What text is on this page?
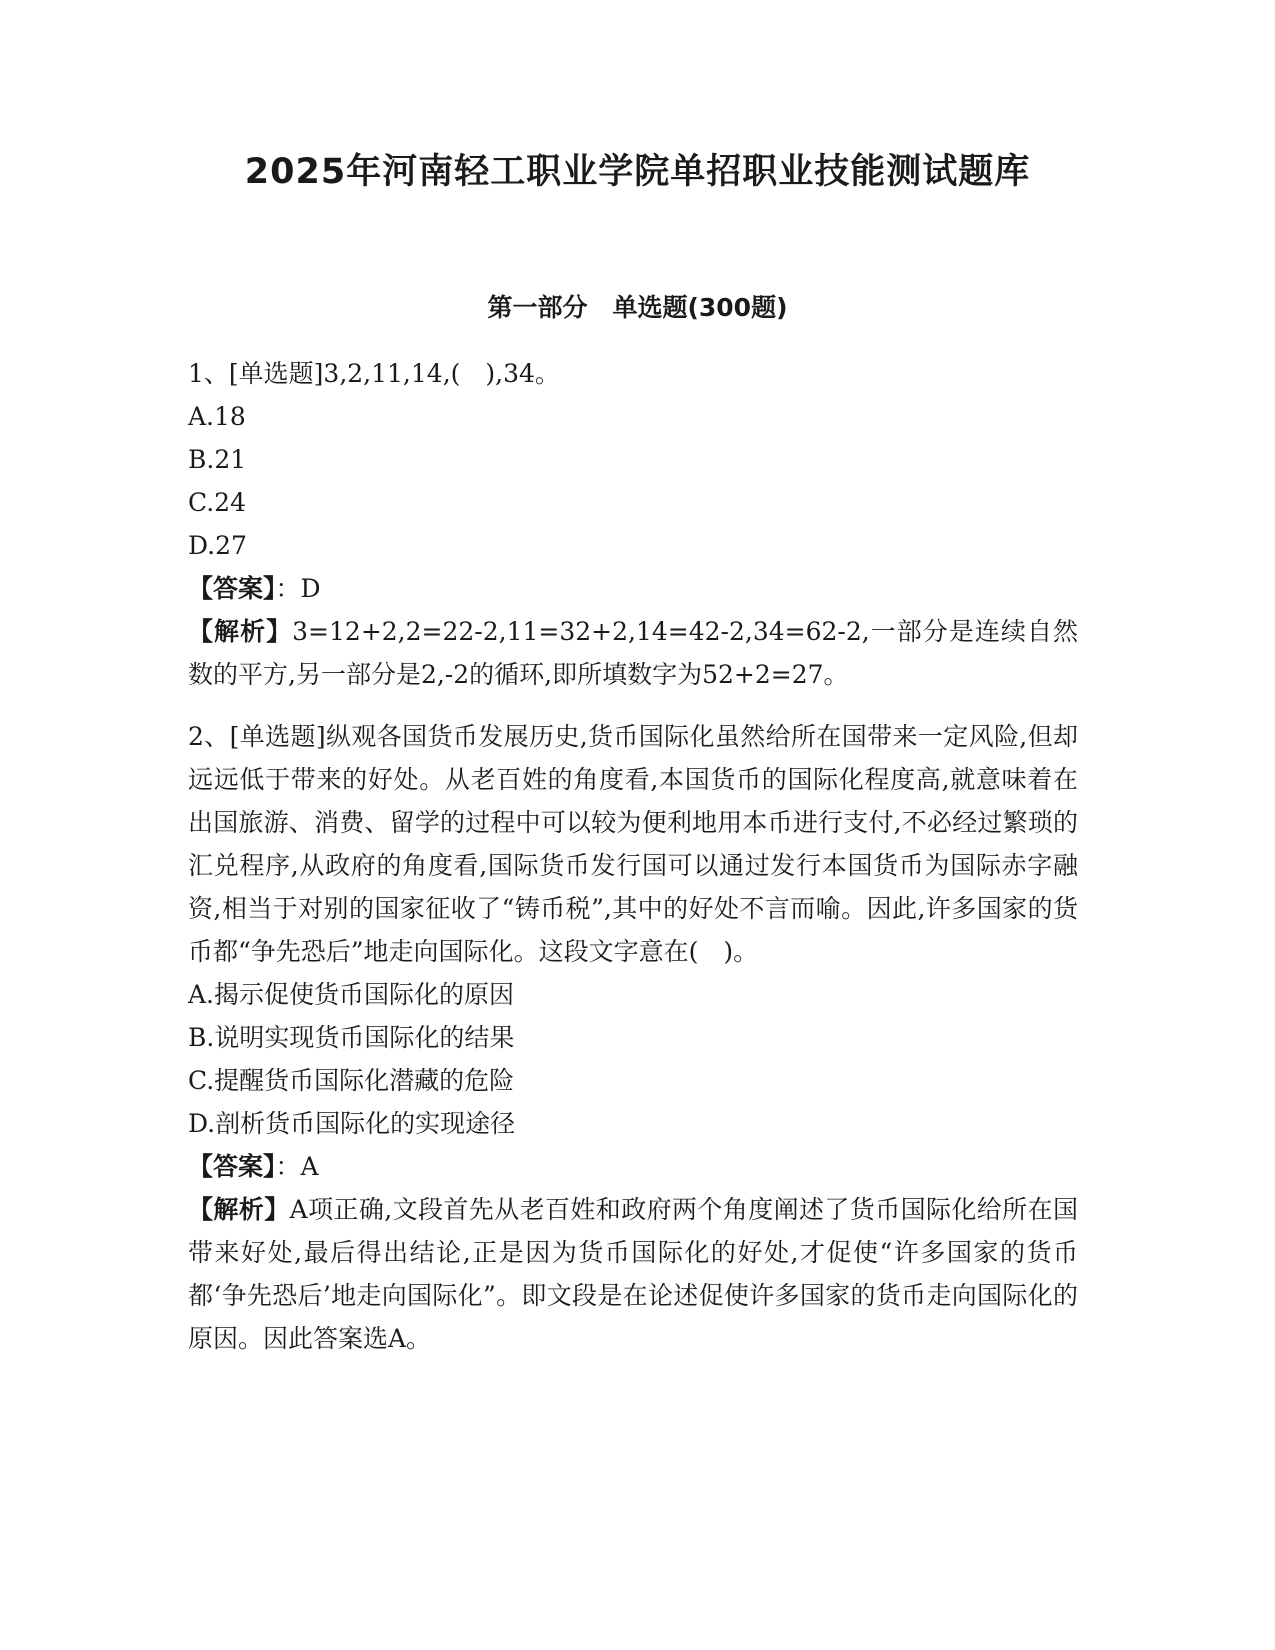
2025年河南轻工职业学院单招职业技能测试题库
第一部分　单选题(300题)

1、[单选题]3,2,11,14,(　),34。

A.18

B.21

C.24

D.27

【答案】：D

【解析】3=12+2,2=22-2,11=32+2,14=42-2,34=62-2,一部分是连续自然数的平方,另一部分是2,-2的循环,即所填数字为52+2=27。

2、[单选题]纵观各国货币发展历史,货币国际化虽然给所在国带来一定风险,但却远远低于带来的好处。从老百姓的角度看,本国货币的国际化程度高,就意味着在出国旅游、消费、留学的过程中可以较为便利地用本币进行支付,不必经过繁琐的汇兑程序,从政府的角度看,国际货币发行国可以通过发行本国货币为国际赤字融资,相当于对别的国家征收了“铸币税”,其中的好处不言而喻。因此,许多国家的货币都“争先恐后”地走向国际化。这段文字意在(　)。

A.揭示促使货币国际化的原因

B.说明实现货币国际化的结果

C.提醒货币国际化潜藏的危险

D.剖析货币国际化的实现途径

【答案】：A

【解析】A项正确,文段首先从老百姓和政府两个角度阐述了货币国际化给所在国带来好处,最后得出结论,正是因为货币国际化的好处,才促使“许多国家的货币都‘争先恐后’地走向国际化”。即文段是在论述促使许多国家的货币走向国际化的原因。因此答案选A。
